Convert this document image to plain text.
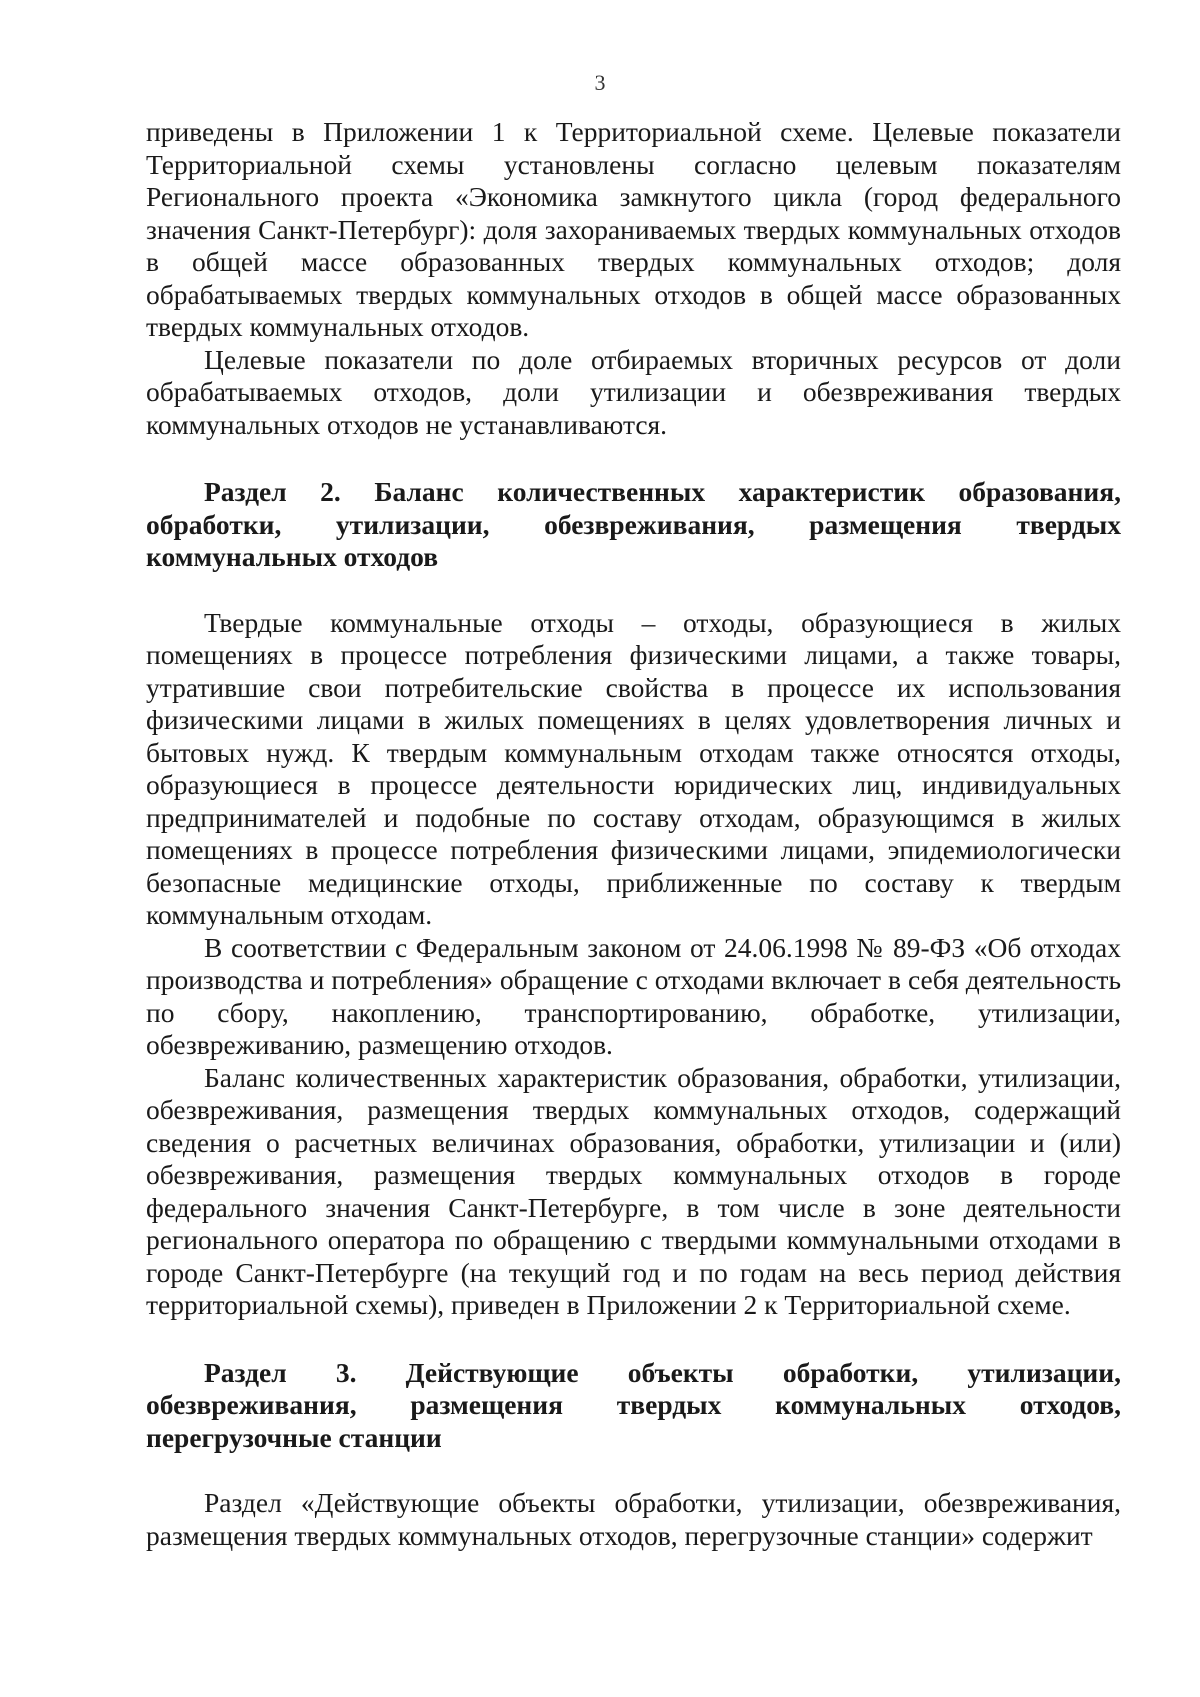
3

приведены в Приложении 1 к Территориальной схеме. Целевые показатели Территориальной схемы установлены согласно целевым показателям Регионального проекта «Экономика замкнутого цикла (город федерального значения Санкт-Петербург): доля захораниваемых твердых коммунальных отходов в общей массе образованных твердых коммунальных отходов; доля обрабатываемых твердых коммунальных отходов в общей массе образованных твердых коммунальных отходов.

Целевые показатели по доле отбираемых вторичных ресурсов от доли обрабатываемых отходов, доли утилизации и обезвреживания твердых коммунальных отходов не устанавливаются.

Раздел 2. Баланс количественных характеристик образования, обработки, утилизации, обезвреживания, размещения твердых коммунальных отходов

Твердые коммунальные отходы – отходы, образующиеся в жилых помещениях в процессе потребления физическими лицами, а также товары, утратившие свои потребительские свойства в процессе их использования физическими лицами в жилых помещениях в целях удовлетворения личных и бытовых нужд. К твердым коммунальным отходам также относятся отходы, образующиеся в процессе деятельности юридических лиц, индивидуальных предпринимателей и подобные по составу отходам, образующимся в жилых помещениях в процессе потребления физическими лицами, эпидемиологически безопасные медицинские отходы, приближенные по составу к твердым коммунальным отходам.

В соответствии с Федеральным законом от 24.06.1998 № 89-ФЗ «Об отходах производства и потребления» обращение с отходами включает в себя деятельность по сбору, накоплению, транспортированию, обработке, утилизации, обезвреживанию, размещению отходов.

Баланс количественных характеристик образования, обработки, утилизации, обезвреживания, размещения твердых коммунальных отходов, содержащий сведения о расчетных величинах образования, обработки, утилизации и (или) обезвреживания, размещения твердых коммунальных отходов в городе федерального значения Санкт-Петербурге, в том числе в зоне деятельности регионального оператора по обращению с твердыми коммунальными отходами в городе Санкт-Петербурге (на текущий год и по годам на весь период действия территориальной схемы), приведен в Приложении 2 к Территориальной схеме.

Раздел 3. Действующие объекты обработки, утилизации, обезвреживания, размещения твердых коммунальных отходов, перегрузочные станции

Раздел «Действующие объекты обработки, утилизации, обезвреживания, размещения твердых коммунальных отходов, перегрузочные станции» содержит
